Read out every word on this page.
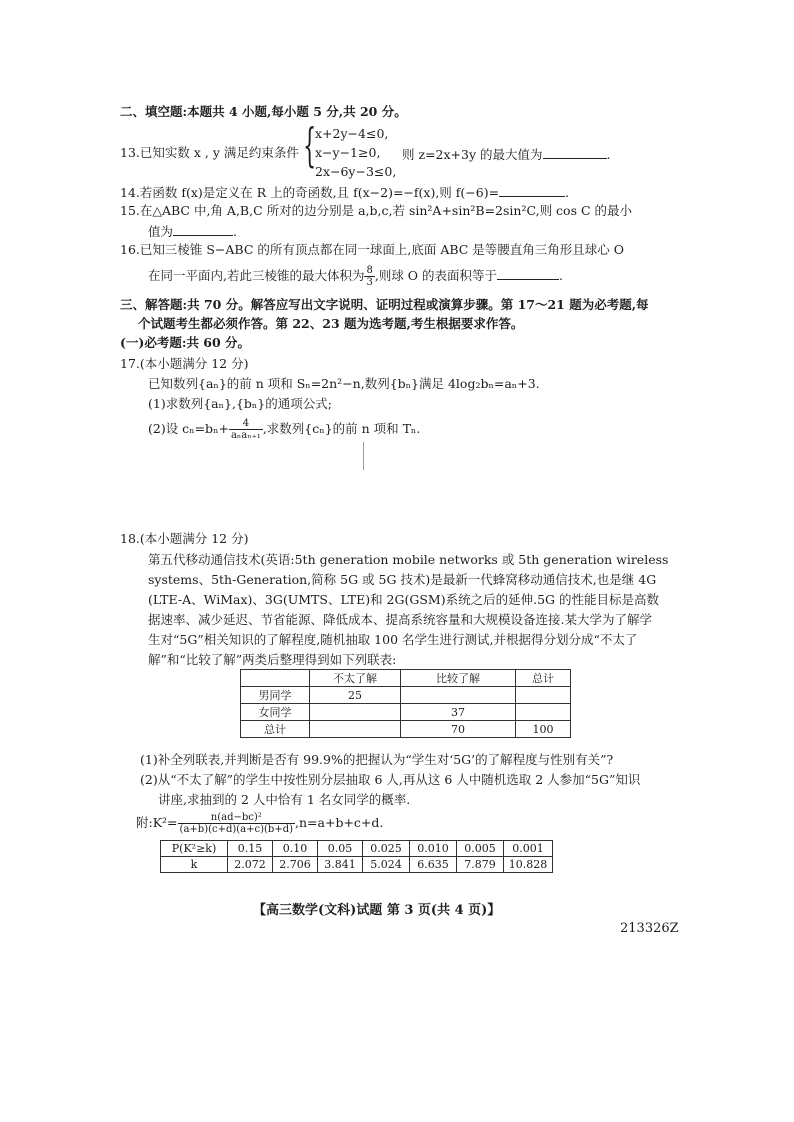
二、填空题:本题共 4 小题,每小题 5 分,共 20 分。
13.已知实数 x , y 满足约束条件 {
x+2y−4≤0,
x−y−1≥0,
2x−6y−3≤0,
则 z=2x+3y 的最大值为	.
14.若函数 f(x)是定义在 R 上的奇函数,且 f(x−2)=−f(x),则 f(−6)=	.
15.在△ABC 中,角 A,B,C 所对的边分别是 a,b,c,若 sin²A+sin²B=2sin²C,则 cos C 的最小
值为	.
16.已知三棱锥 S−ABC 的所有顶点都在同一球面上,底面 ABC 是等腰直角三角形且球心 O
在同一平面内,若此三棱锥的最大体积为 $\frac{8}{3}$ ,则球 O 的表面积等于	.
三、解答题:共 70 分。解答应写出文字说明、证明过程或演算步骤。第 17～21 题为必考题,每
个试题考生都必须作答。第 22、23 题为选考题,考生根据要求作答。
(一)必考题:共 60 分。
17.(本小题满分 12 分)
已知数列{aₙ}的前 n 项和 Sₙ=2n²−n,数列{bₙ}满足 4log₂bₙ=aₙ+3.
(1)求数列{aₙ},{bₙ}的通项公式;
(2)设 $c_n=b_n+ \frac{4}{\text{aₙaₙ₊₁}}$ ,求数列{cₙ}的前 n 项和 Tₙ.
18.(本小题满分 12 分)
第五代移动通信技术(英语:5th generation mobile networks 或 5th generation wireless
systems、5th-Generation,简称 5G 或 5G 技术)是最新一代蜂窝移动通信技术,也是继 4G
(LTE-A、WiMax)、3G(UMTS、LTE)和 2G(GSM)系统之后的延伸.5G 的性能目标是高数
据速率、减少延迟、节省能源、降低成本、提高系统容量和大规模设备连接.某大学为了解学
生对“5G”相关知识的了解程度,随机抽取 100 名学生进行测试,并根据得分划分成“不太了
解”和“比较了解”两类后整理得到如下列联表:
	不太了解	比较了解	总计
男同学	25		
女同学		37	
总计		70	100
(1)补全列联表,并判断是否有 99.9%的把握认为“学生对‘5G’的了解程度与性别有关”?
(2)从“不太了解”的学生中按性别分层抽取 6 人,再从这 6 人中随机选取 2 人参加“5G”知识
讲座,求抽到的 2 人中恰有 1 名女同学的概率.
附:K²= $\frac{\text{n(ad−bc)²}}{(a+b)(c+d)(a+c)(b+d)} ,n=a+b+c+d$.
P(K²≥k)	0.15	0.10	0.05	0.025	0.010	0.005	0.001
k	2.072	2.706	3.841	5.024	6.635	7.879	10.828
【高三数学(文科)试题 第 3 页(共 4 页)】
213326Z
